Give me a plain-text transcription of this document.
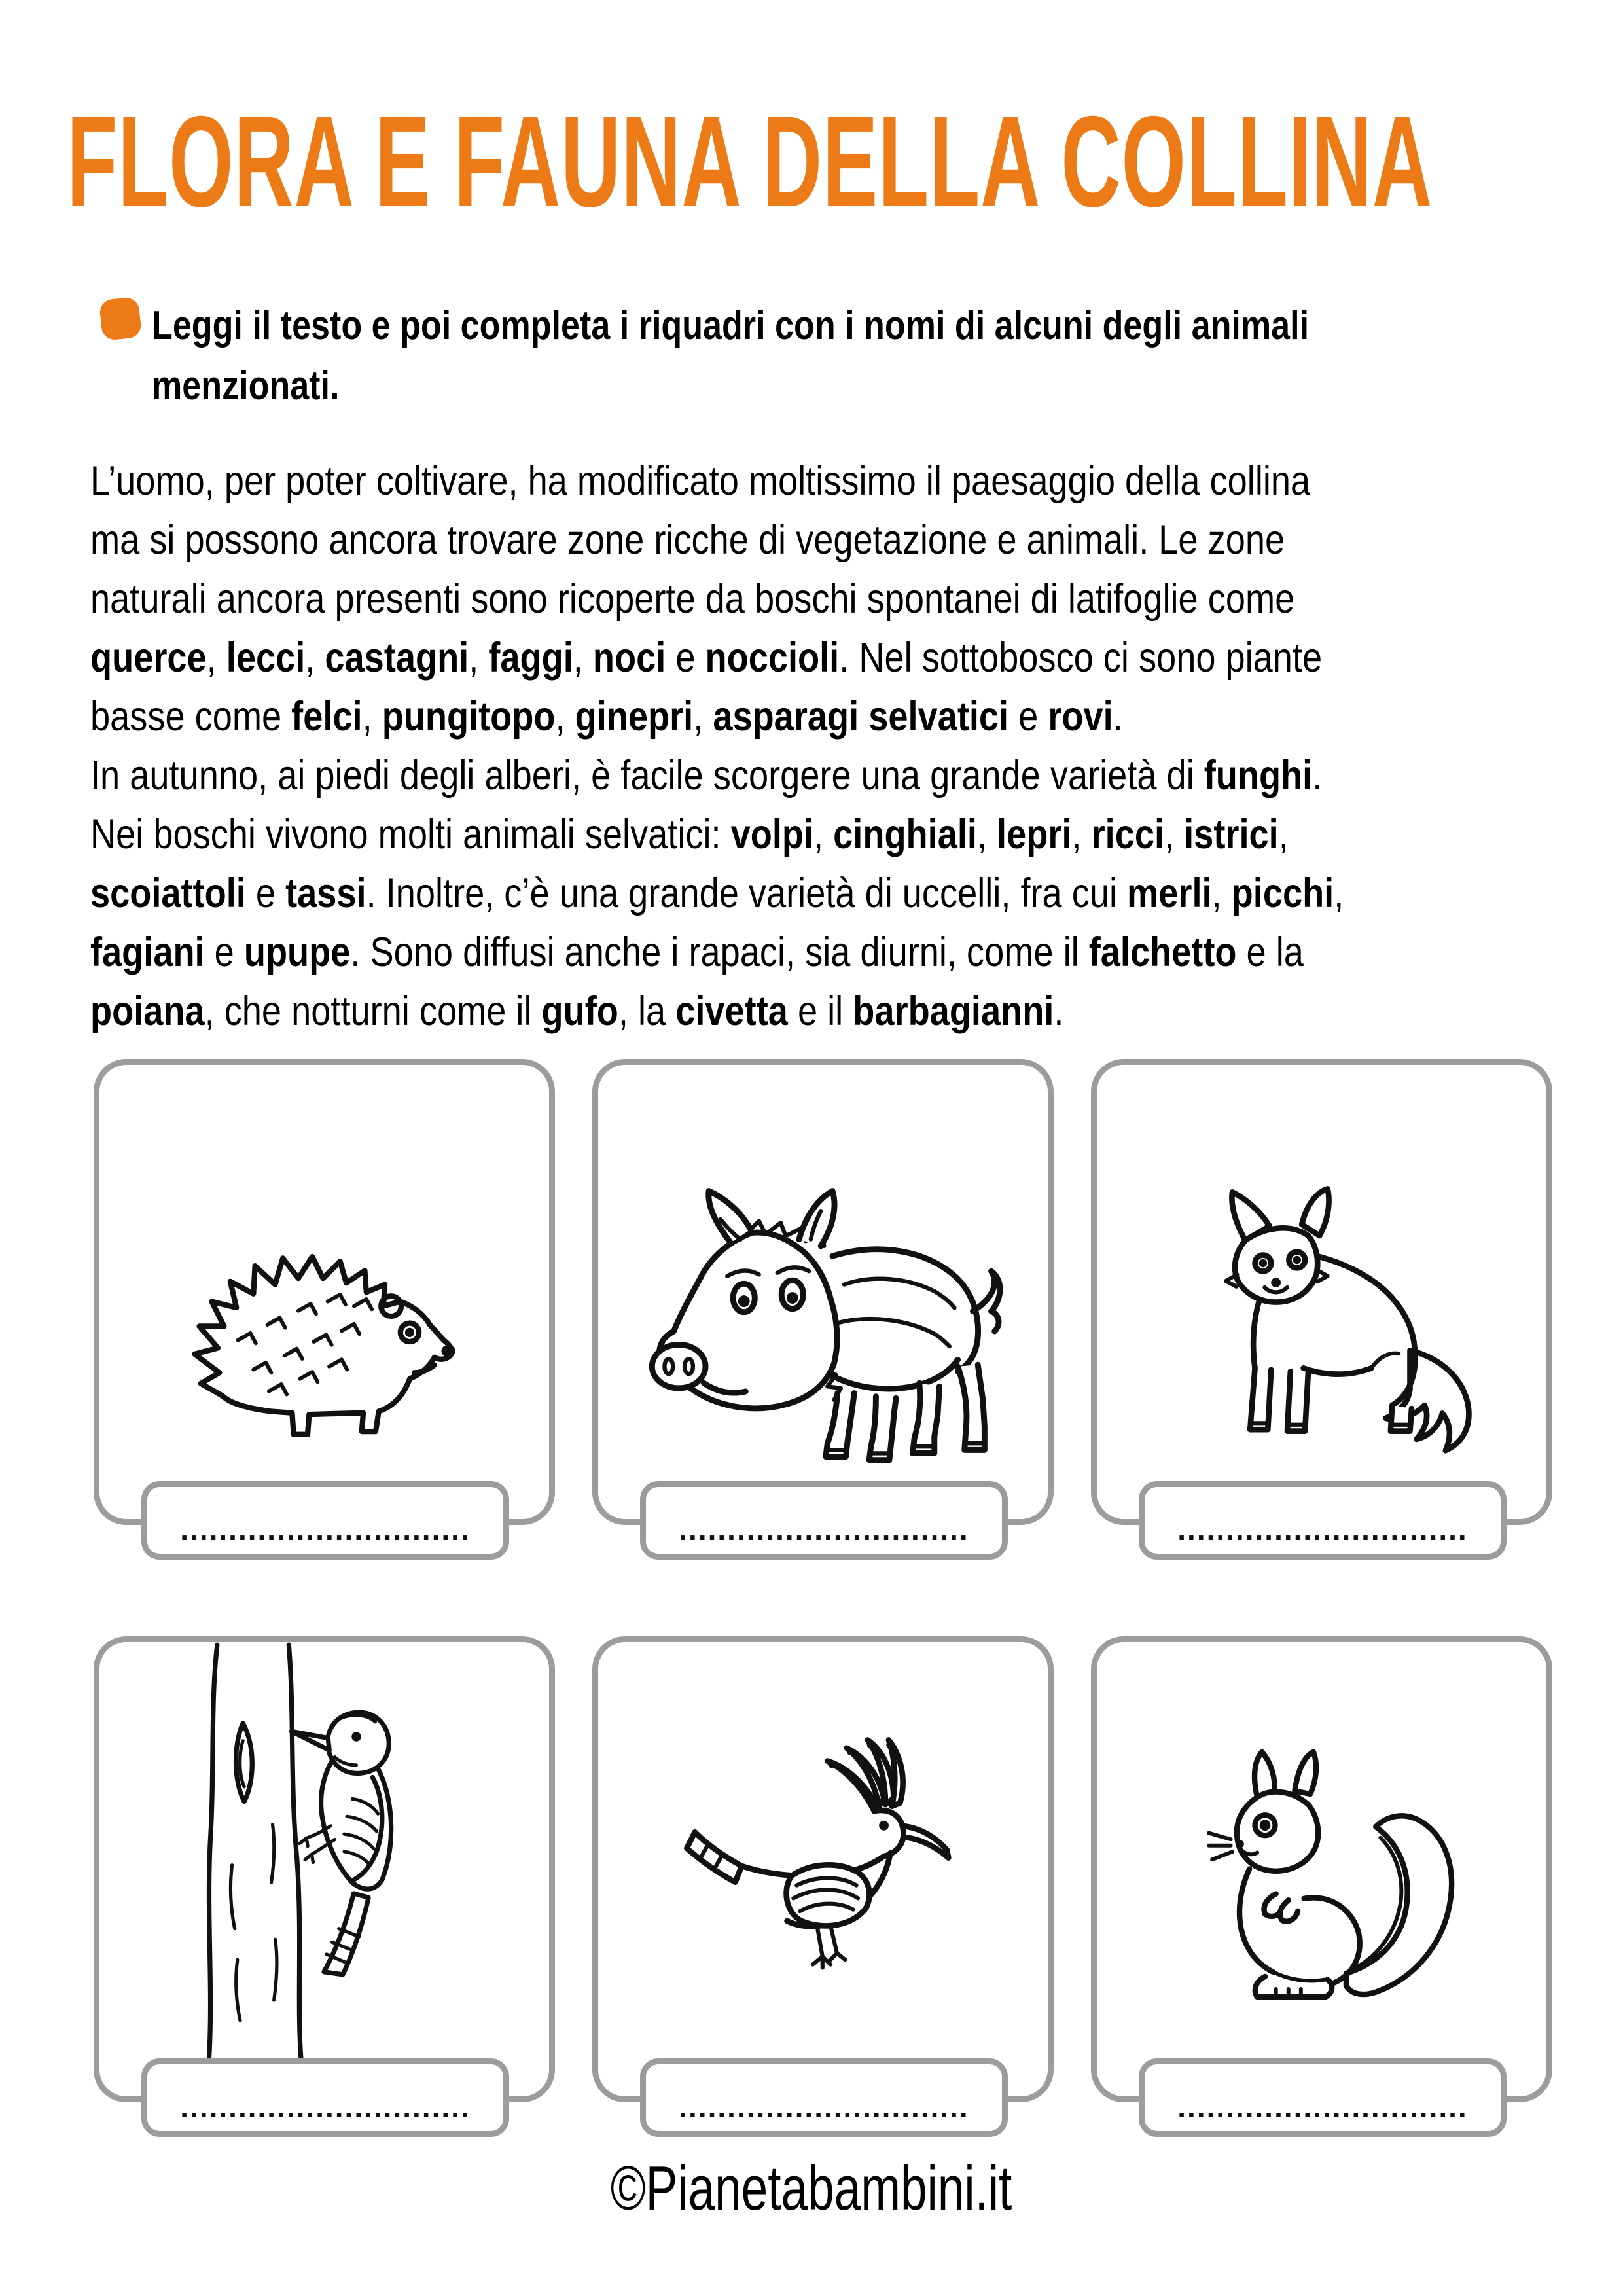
FLORA E FAUNA DELLA COLLINA
Leggi il testo e poi completa i riquadri con i nomi di alcuni degli animali
menzionati.
L’uomo, per poter coltivare, ha modificato moltissimo il paesaggio della collina
ma si possono ancora trovare zone ricche di vegetazione e animali. Le zone
naturali ancora presenti sono ricoperte da boschi spontanei di latifoglie come
querce, lecci, castagni, faggi, noci e noccioli. Nel sottobosco ci sono piante
basse come felci, pungitopo, ginepri, asparagi selvatici e rovi.
In autunno, ai piedi degli alberi, è facile scorgere una grande varietà di funghi.
Nei boschi vivono molti animali selvatici: volpi, cinghiali, lepri, ricci, istrici,
scoiattoli e tassi. Inoltre, c’è una grande varietà di uccelli, fra cui merli, picchi,
fagiani e upupe. Sono diffusi anche i rapaci, sia diurni, come il falchetto e la
poiana, che notturni come il gufo, la civetta e il barbagianni.
..............................	..............................	..............................
..............................	..............................	..............................
©Pianetabambini.it
